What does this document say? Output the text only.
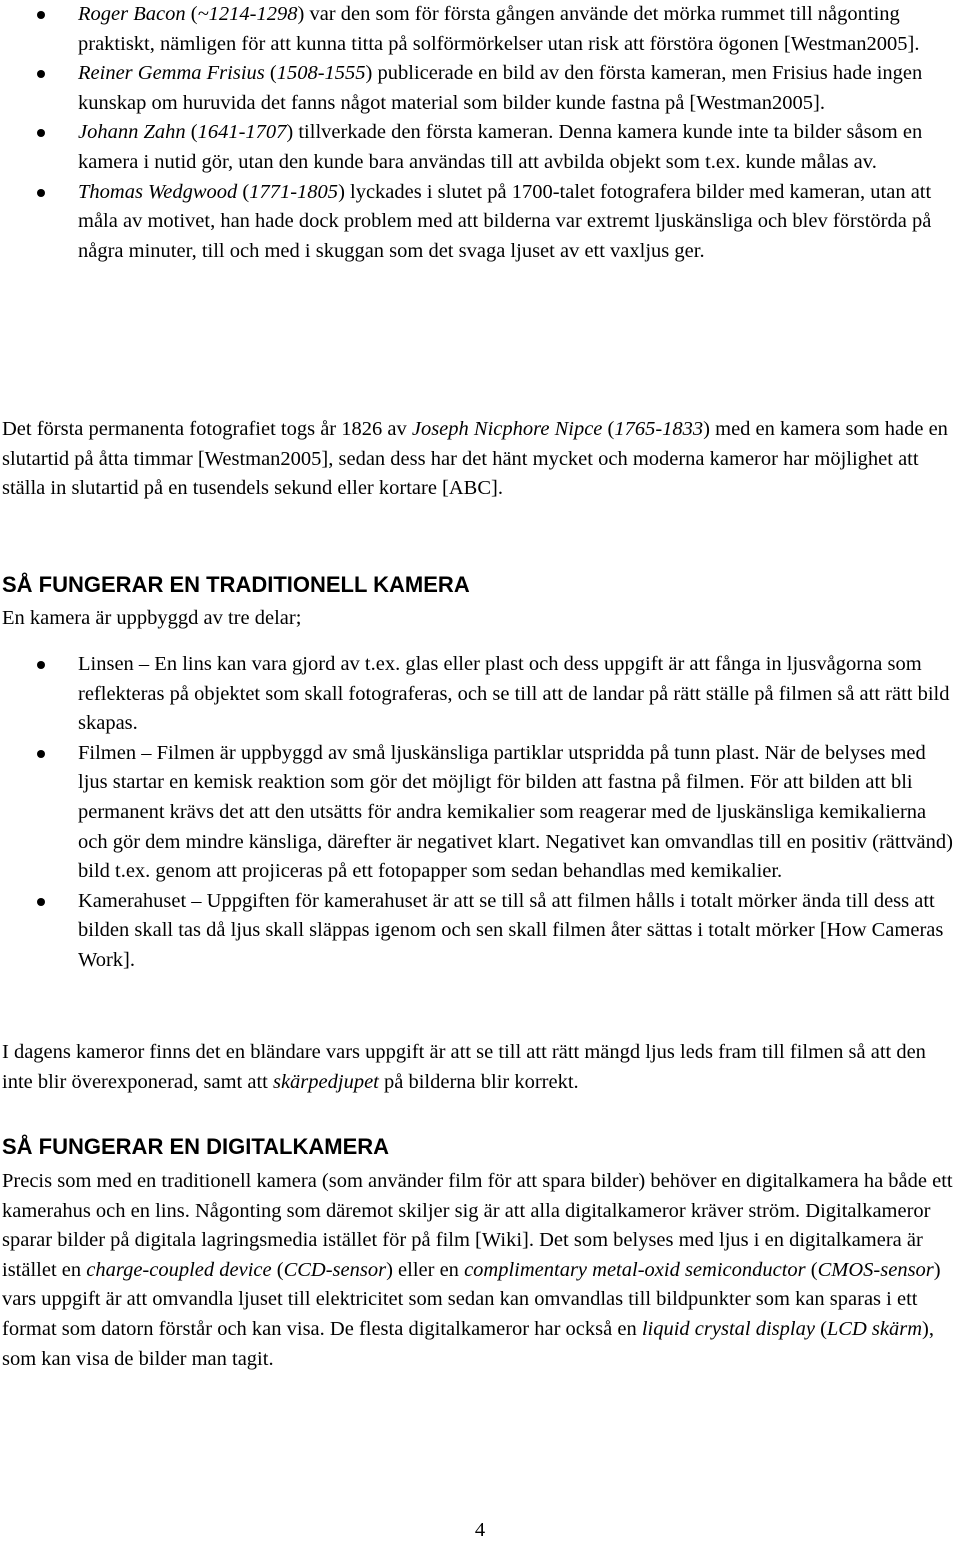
Roger Bacon (~1214-1298) var den som för första gången använde det mörka rummet till någonting praktiskt, nämligen för att kunna titta på solförmörkelser utan risk att förstöra ögonen [Westman2005].
Reiner Gemma Frisius (1508-1555) publicerade en bild av den första kameran, men Frisius hade ingen kunskap om huruvida det fanns något material som bilder kunde fastna på [Westman2005].
Johann Zahn (1641-1707) tillverkade den första kameran. Denna kamera kunde inte ta bilder såsom en kamera i nutid gör, utan den kunde bara användas till att avbilda objekt som t.ex. kunde målas av.
Thomas Wedgwood (1771-1805) lyckades i slutet på 1700-talet fotografera bilder med kameran, utan att måla av motivet, han hade dock problem med att bilderna var extremt ljuskänsliga och blev förstörda på några minuter, till och med i skuggan som det svaga ljuset av ett vaxljus ger.

Det första permanenta fotografiet togs år 1826 av Joseph Nicphore Nipce (1765-1833) med en kamera som hade en slutartid på åtta timmar [Westman2005], sedan dess har det hänt mycket och moderna kameror har möjlighet att ställa in slutartid på en tusendels sekund eller kortare [ABC].

SÅ FUNGERAR EN TRADITIONELL KAMERA

En kamera är uppbyggd av tre delar;

Linsen – En lins kan vara gjord av t.ex. glas eller plast och dess uppgift är att fånga in ljusvågorna som reflekteras på objektet som skall fotograferas, och se till att de landar på rätt ställe på filmen så att rätt bild skapas.
Filmen – Filmen är uppbyggd av små ljuskänsliga partiklar utspridda på tunn plast. När de belyses med ljus startar en kemisk reaktion som gör det möjligt för bilden att fastna på filmen. För att bilden att bli permanent krävs det att den utsätts för andra kemikalier som reagerar med de ljuskänsliga kemikalierna och gör dem mindre känsliga, därefter är negativet klart. Negativet kan omvandlas till en positiv (rättvänd) bild t.ex. genom att projiceras på ett fotopapper som sedan behandlas med kemikalier.
Kamerahuset – Uppgiften för kamerahuset är att se till så att filmen hålls i totalt mörker ända till dess att bilden skall tas då ljus skall släppas igenom och sen skall filmen åter sättas i totalt mörker [How Cameras Work].

I dagens kameror finns det en bländare vars uppgift är att se till att rätt mängd ljus leds fram till filmen så att den inte blir överexponerad, samt att skärpedjupet på bilderna blir korrekt.

SÅ FUNGERAR EN DIGITALKAMERA

Precis som med en traditionell kamera (som använder film för att spara bilder) behöver en digitalkamera ha både ett kamerahus och en lins. Någonting som däremot skiljer sig är att alla digitalkameror kräver ström. Digitalkameror sparar bilder på digitala lagringsmedia istället för på film [Wiki]. Det som belyses med ljus i en digitalkamera är istället en charge-coupled device (CCD-sensor) eller en complimentary metal-oxid semiconductor (CMOS-sensor) vars uppgift är att omvandla ljuset till elektricitet som sedan kan omvandlas till bildpunkter som kan sparas i ett format som datorn förstår och kan visa. De flesta digitalkameror har också en liquid crystal display (LCD skärm), som kan visa de bilder man tagit.

4
